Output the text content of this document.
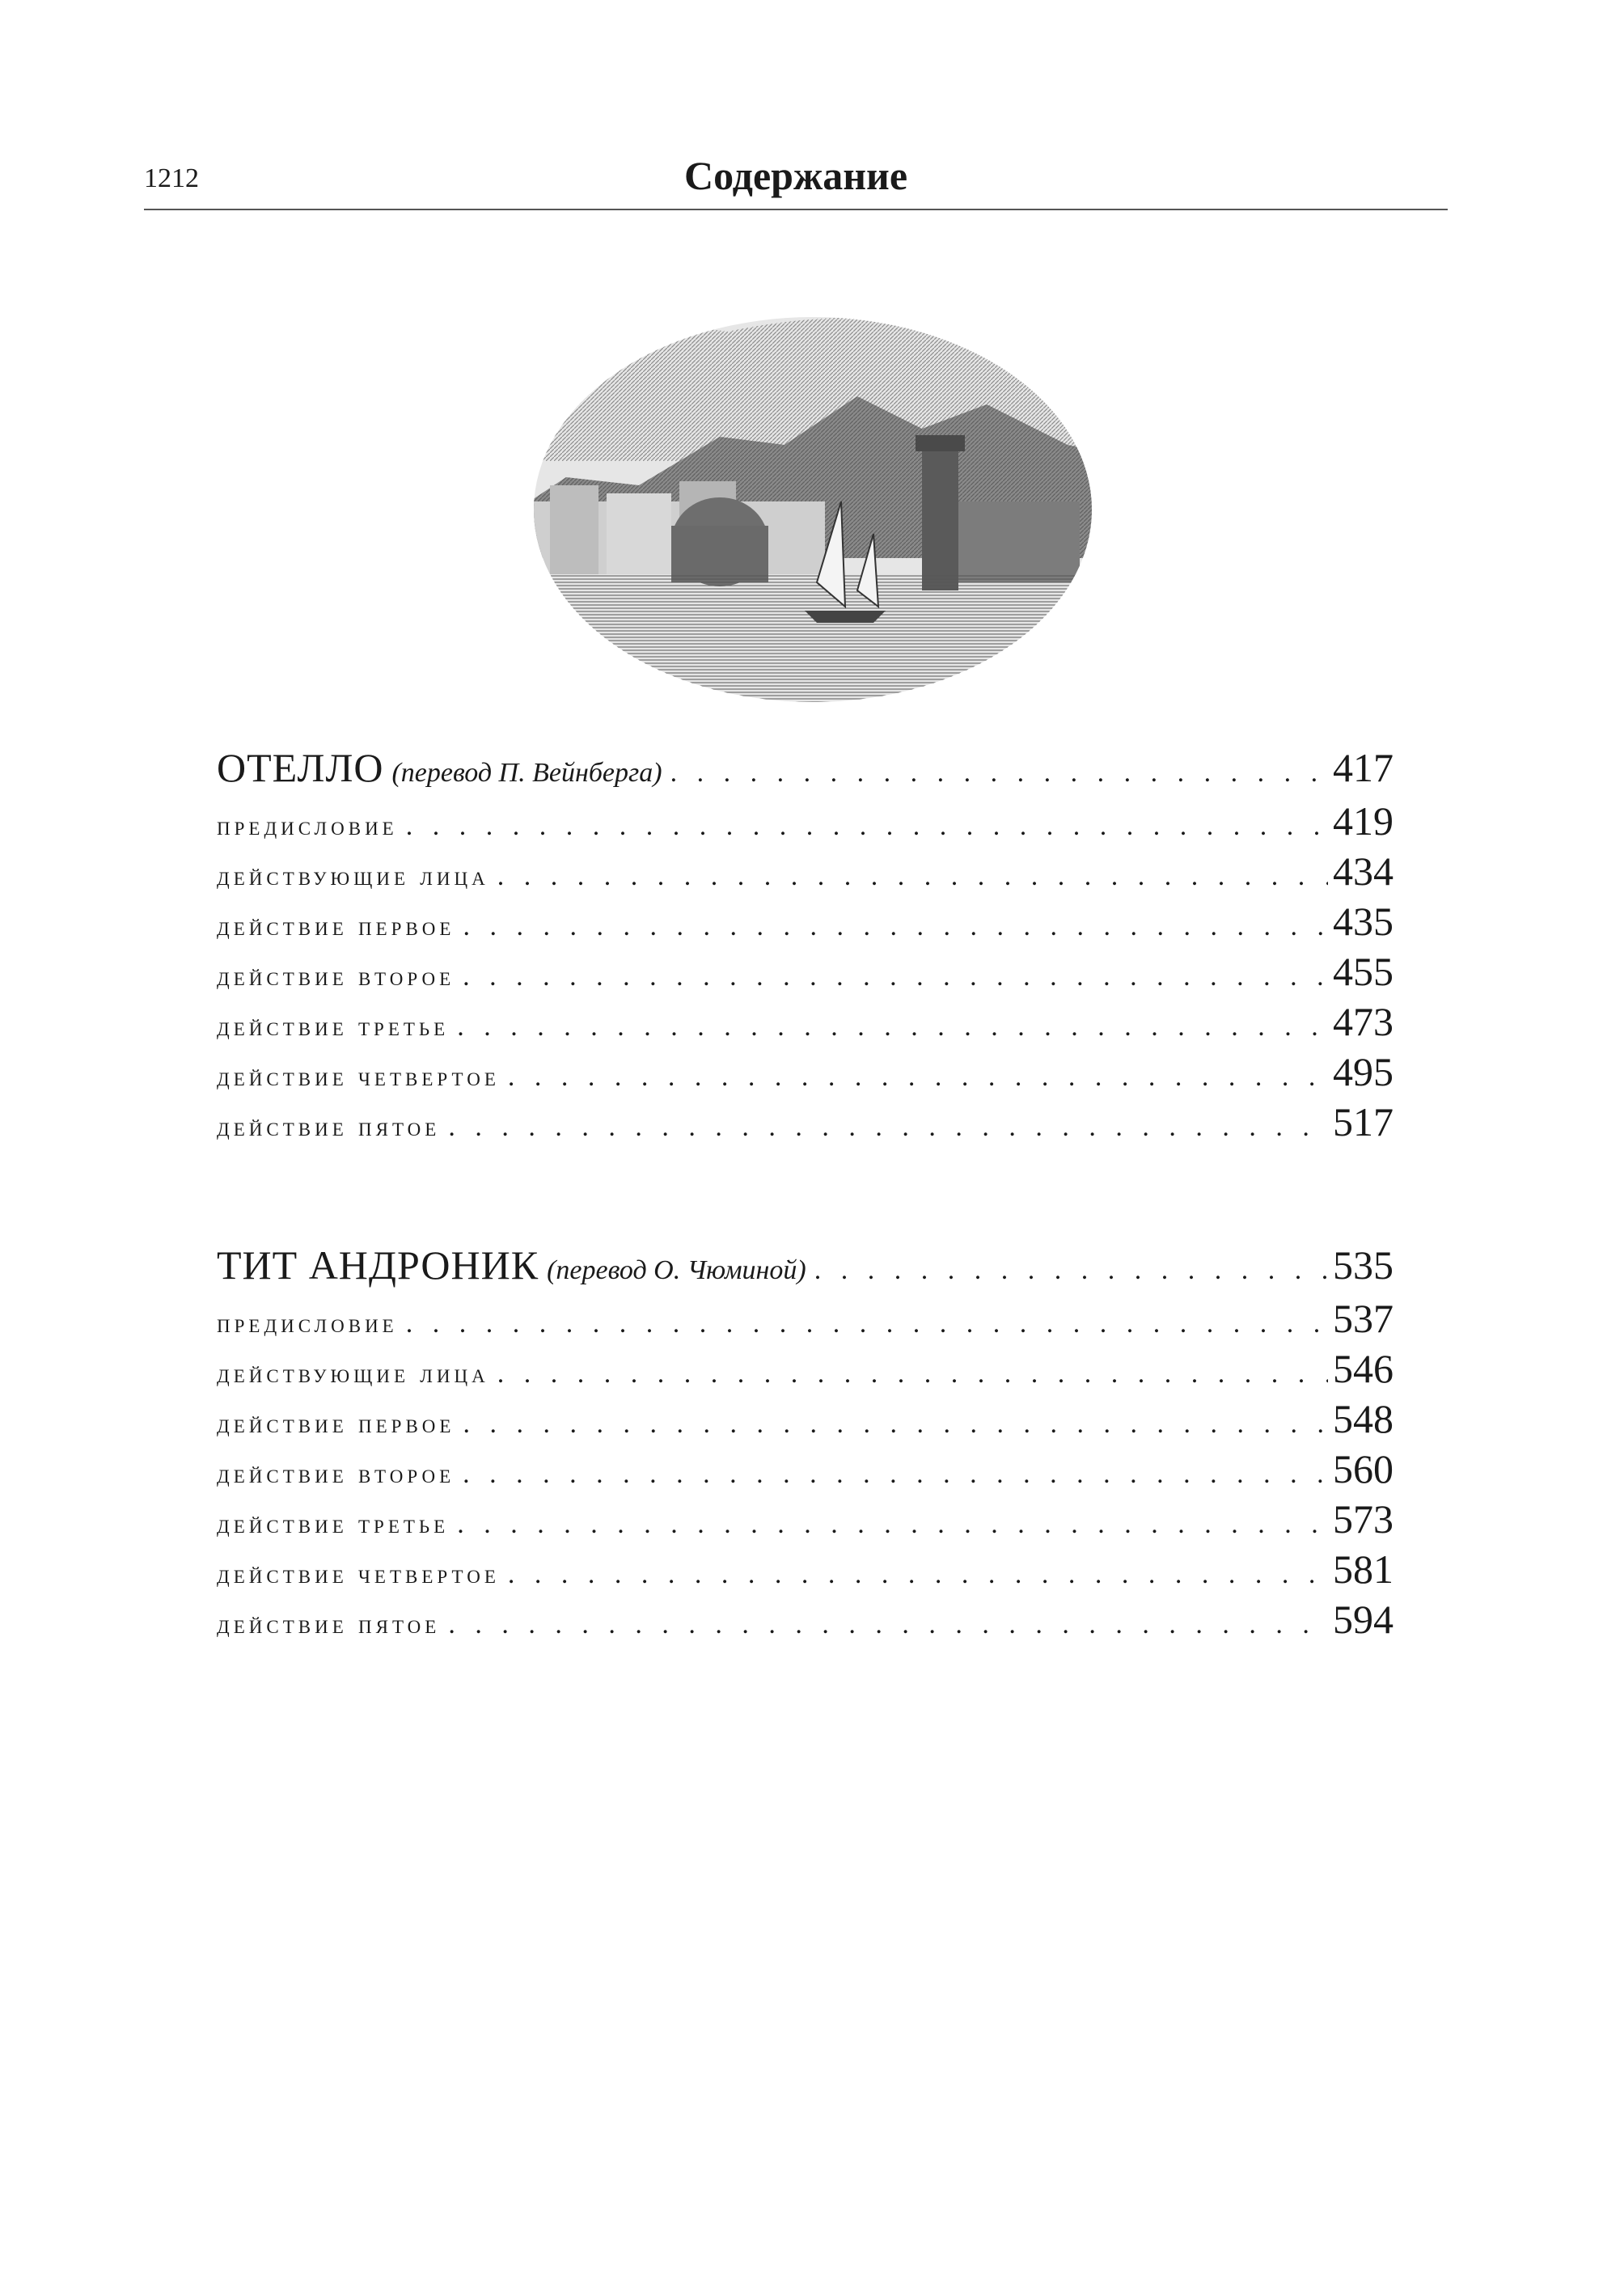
1212	Содержание
ОТЕЛЛО (перевод П. Вейнберга) . . .	417
предисловие . . .	419
действующие лица . . .	434
действие первое . . .	435
действие второе . . .	455
действие третье . . .	473
действие четвертое . . .	495
действие пятое . . .	517
ТИТ АНДРОНИК (перевод О. Чюминой) . . .	535
предисловие . . .	537
действующие лица . . .	546
действие первое . . .	548
действие второе . . .	560
действие третье . . .	573
действие четвертое . . .	581
действие пятое . . .	594
